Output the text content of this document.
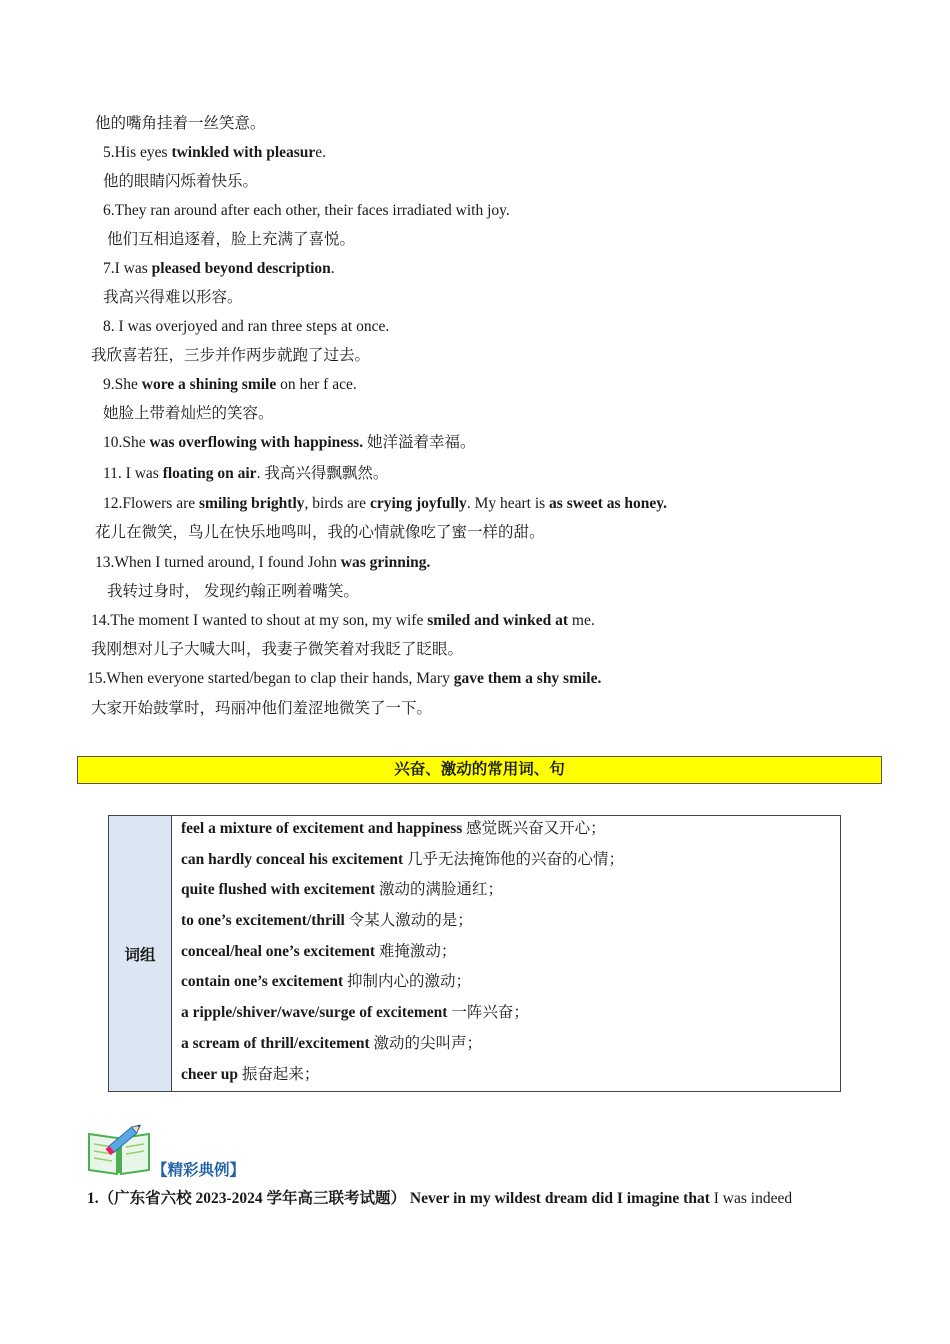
他的嘴角挂着一丝笑意。
5.His eyes twinkled with pleasure.
他的眼睛闪烁着快乐。
6.They ran around after each other, their faces irradiated with joy.
他们互相追逐着，脸上充满了喜悦。
7.I was pleased beyond description.
我高兴得难以形容。
8. I was overjoyed and ran three steps at once.
我欣喜若狂，三步并作两步就跑了过去。
9.She wore a shining smile on her f ace.
她脸上带着灿烂的笑容。
10.She was overflowing with happiness. 她洋溢着幸福。
11. I was floating on air. 我高兴得飘飘然。
12.Flowers are smiling brightly, birds are crying joyfully. My heart is as sweet as honey.
花儿在微笑，鸟儿在快乐地鸣叫，我的心情就像吃了蜜一样的甜。
13.When I turned around, I found John was grinning.
我转过身时， 发现约翰正咧着嘴笑。
14.The moment I wanted to shout at my son, my wife smiled and winked at me.
我刚想对儿子大喊大叫，我妻子微笑着对我眨了眨眼。
15.When everyone started/began to clap their hands, Mary gave them a shy smile.
大家开始鼓掌时，玛丽冲他们羞涩地微笑了一下。
兴奋、激动的常用词、句
词组
feel a mixture of excitement and happiness 感觉既兴奋又开心；
can hardly conceal his excitement 几乎无法掩饰他的兴奋的心情；
quite flushed with excitement 激动的满脸通红；
to one’s excitement/thrill 令某人激动的是；
conceal/heal one’s excitement 难掩激动；
contain one’s excitement 抑制内心的激动；
a ripple/shiver/wave/surge of excitement 一阵兴奋；
a scream of thrill/excitement 激动的尖叫声；
cheer up 振奋起来；
【精彩典例】
1.（广东省六校 2023-2024 学年高三联考试题） Never in my wildest dream did I imagine that I was indeed
